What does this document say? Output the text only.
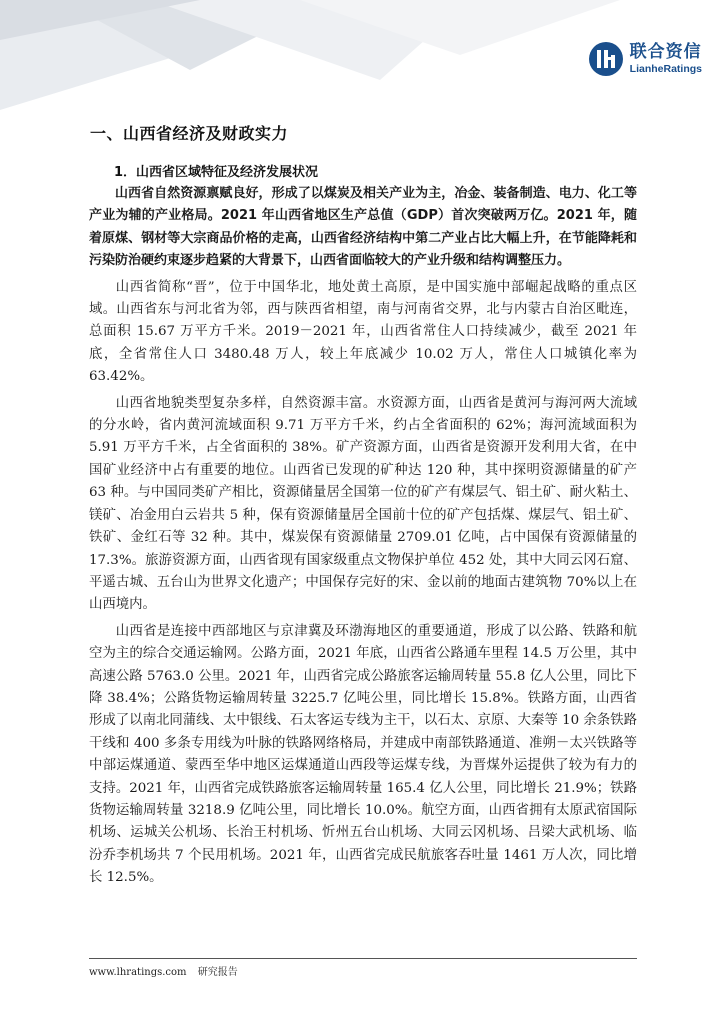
联合资信
LianheRatings
一、山西省经济及财政实力
1．山西省区域特征及经济发展状况

山西省自然资源禀赋良好，形成了以煤炭及相关产业为主，冶金、装备制造、电力、化工等产业为辅的产业格局。2021 年山西省地区生产总值（GDP）首次突破两万亿。2021 年，随着原煤、钢材等大宗商品价格的走高，山西省经济结构中第二产业占比大幅上升，在节能降耗和污染防治硬约束逐步趋紧的大背景下，山西省面临较大的产业升级和结构调整压力。

山西省简称“晋”，位于中国华北，地处黄土高原，是中国实施中部崛起战略的重点区域。山西省东与河北省为邻，西与陕西省相望，南与河南省交界，北与内蒙古自治区毗连，总面积 15.67 万平方千米。2019－2021 年，山西省常住人口持续减少，截至 2021 年底，全省常住人口 3480.48 万人，较上年底减少 10.02 万人，常住人口城镇化率为 63.42%。

山西省地貌类型复杂多样，自然资源丰富。水资源方面，山西省是黄河与海河两大流域的分水岭，省内黄河流域面积 9.71 万平方千米，约占全省面积的 62%；海河流域面积为 5.91 万平方千米，占全省面积的 38%。矿产资源方面，山西省是资源开发利用大省，在中国矿业经济中占有重要的地位。山西省已发现的矿种达 120 种，其中探明资源储量的矿产 63 种。与中国同类矿产相比，资源储量居全国第一位的矿产有煤层气、铝土矿、耐火粘土、镁矿、冶金用白云岩共 5 种，保有资源储量居全国前十位的矿产包括煤、煤层气、铝土矿、铁矿、金红石等 32 种。其中，煤炭保有资源储量 2709.01 亿吨，占中国保有资源储量的 17.3%。旅游资源方面，山西省现有国家级重点文物保护单位 452 处，其中大同云冈石窟、平遥古城、五台山为世界文化遗产；中国保存完好的宋、金以前的地面古建筑物 70%以上在山西境内。

山西省是连接中西部地区与京津冀及环渤海地区的重要通道，形成了以公路、铁路和航空为主的综合交通运输网。公路方面，2021 年底，山西省公路通车里程 14.5 万公里，其中高速公路 5763.0 公里。2021 年，山西省完成公路旅客运输周转量 55.8 亿人公里，同比下降 38.4%；公路货物运输周转量 3225.7 亿吨公里，同比增长 15.8%。铁路方面，山西省形成了以南北同蒲线、太中银线、石太客运专线为主干，以石太、京原、大秦等 10 余条铁路干线和 400 多条专用线为叶脉的铁路网络格局，并建成中南部铁路通道、准朔－太兴铁路等中部运煤通道、蒙西至华中地区运煤通道山西段等运煤专线，为晋煤外运提供了较为有力的支持。2021 年，山西省完成铁路旅客运输周转量 165.4 亿人公里，同比增长 21.9%；铁路货物运输周转量 3218.9 亿吨公里，同比增长 10.0%。航空方面，山西省拥有太原武宿国际机场、运城关公机场、长治王村机场、忻州五台山机场、大同云冈机场、吕梁大武机场、临汾乔李机场共 7 个民用机场。2021 年，山西省完成民航旅客吞吐量 1461 万人次，同比增长 12.5%。

www.lhratings.com 研究报告
